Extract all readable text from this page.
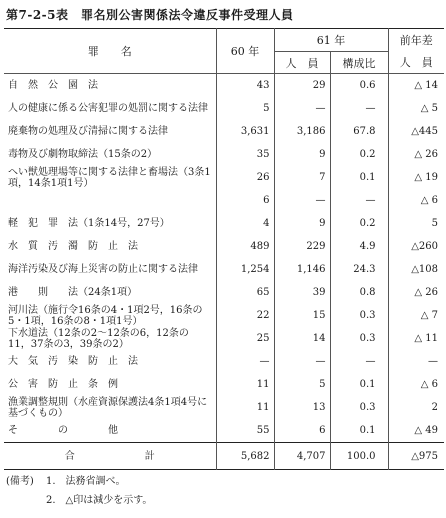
第7-2-5表　罪名別公害関係法令違反事件受理人員
罪　　名	60 年	61 年		前年差
		人　員	構成比	人　員
自　然　公　園　法	43	29	0.6	△ 14
人の健康に係る公害犯罪の処罰に関する法律	5	—	—	△ 5
廃棄物の処理及び清掃に関する法律	3,631	3,186	67.8	△445
毒物及び劇物取締法（15条の2）	35	9	0.2	△ 26
へい獣処理場等に関する法律と畜場法（3条1項，14条1項1号）	26	7	0.1	△ 19
	6	—	—	△ 6
軽　犯　罪　法（1条14号，27号）	4	9	0.2	5
水　質　汚　濁　防　止　法	489	229	4.9	△260
海洋汚染及び海上災害の防止に関する法律	1,254	1,146	24.3	△108
港　　則　　法（24条1項）	65	39	0.8	△ 26
河川法（施行令16条の4・1項2号，16条の5・1項，16条の8・1項1号）	22	15	0.3	△ 7
下水道法（12条の2～12条の6，12条の11，37条の3，39条の2）	25	14	0.3	△ 11
大　気　汚　染　防　止　法	—	—	—	—
公　害　防　止　条　例	11	5	0.1	△ 6
漁業調整規則（水産資源保護法4条1項4号に基づくもの）	11	13	0.3	2
そ　　　　の　　　　他	55	6	0.1	△ 49
合　　　　　　　計	5,682	4,707	100.0	△975
(備考) 1.　法務省調べ。
2.　△印は減少を示す。
